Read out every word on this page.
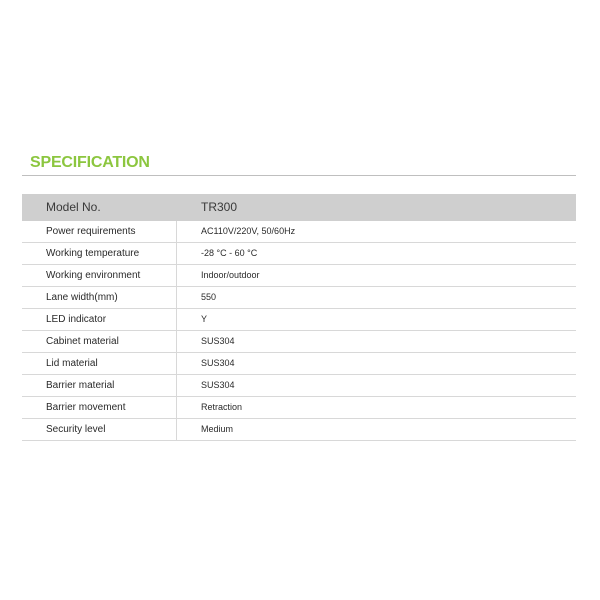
SPECIFICATION
Model No.	TR300
Power requirements	AC110V/220V, 50/60Hz
Working temperature	-28 °C - 60 °C
Working environment	Indoor/outdoor
Lane width(mm)	550
LED indicator	Y
Cabinet material	SUS304
Lid material	SUS304
Barrier material	SUS304
Barrier movement	Retraction
Security level	Medium
